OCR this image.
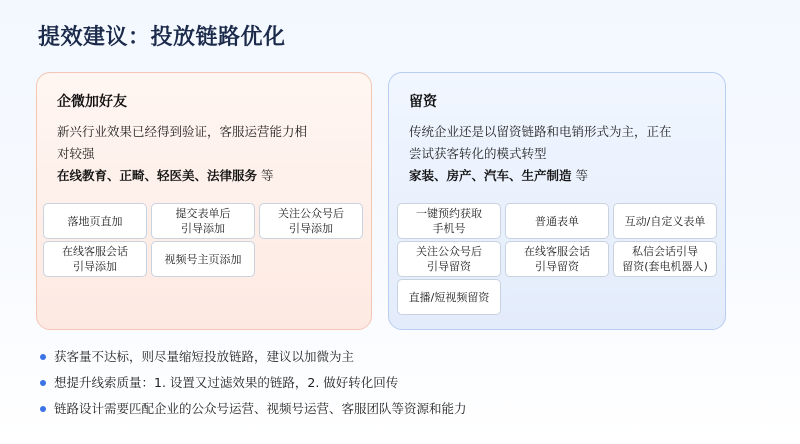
提效建议：投放链路优化
企微加好友
新兴行业效果已经得到验证，客服运营能力相
对较强
在线教育、正畸、轻医美、法律服务 等
落地页直加
提交表单后
引导添加
关注公众号后
引导添加
在线客服会话
引导添加
视频号主页添加
留资
传统企业还是以留资链路和电销形式为主，正在
尝试获客转化的模式转型
家装、房产、汽车、生产制造 等
一键预约获取
手机号
普通表单	互动/自定义表单
关注公众号后
引导留资
在线客服会话
引导留资
私信会话引导
留资(套电机器人)
直播/短视频留资
获客量不达标，则尽量缩短投放链路，建议以加微为主
想提升线索质量：1. 设置又过滤效果的链路，2. 做好转化回传
链路设计需要匹配企业的公众号运营、视频号运营、客服团队等资源和能力
